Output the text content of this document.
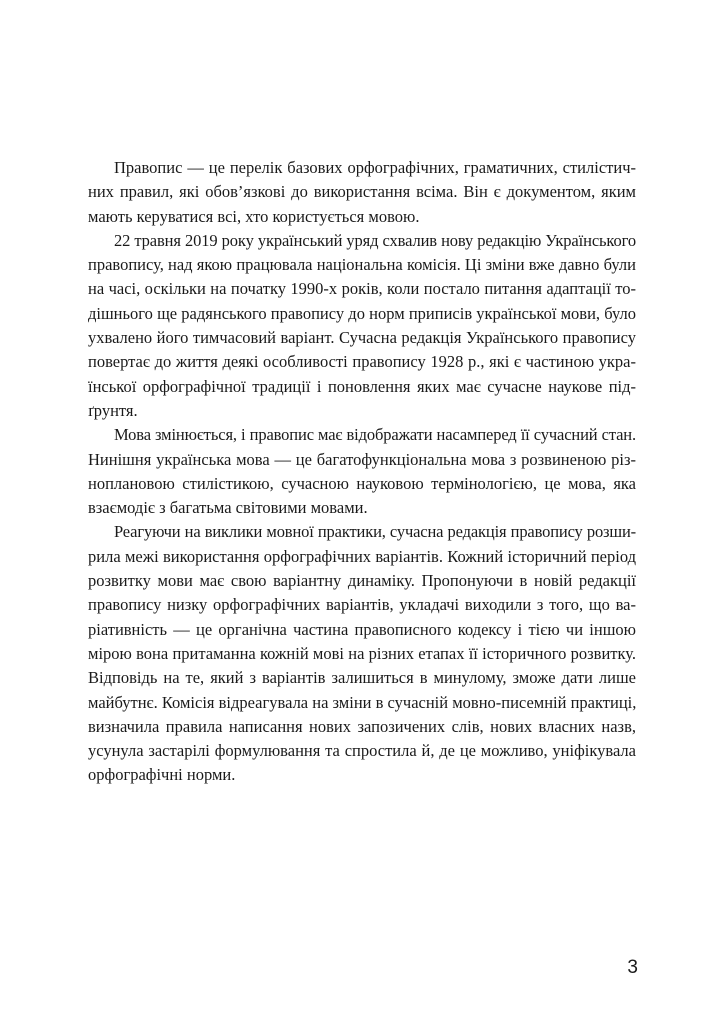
Правопис — це перелік базових орфографічних, граматичних, стилістич-
них правил, які обов’язкові до використання всіма. Він є документом, яким
мають керуватися всі, хто користується мовою.

22 травня 2019 року український уряд схвалив нову редакцію Українського
правопису, над якою працювала національна комісія. Ці зміни вже давно були
на часі, оскільки на початку 1990-х років, коли постало питання адаптації то-
дішнього ще радянського правопису до норм приписів української мови, було
ухвалено його тимчасовий варіант. Сучасна редакція Українського правопису
повертає до життя деякі особливості правопису 1928 р., які є частиною укра-
їнської орфографічної традиції і поновлення яких має сучасне наукове під-
ґрунтя.

Мова змінюється, і правопис має відображати насамперед її сучасний стан.
Нинішня українська мова — це багатофункціональна мова з розвиненою різ-
ноплановою стилістикою, сучасною науковою термінологією, це мова, яка
взаємодіє з багатьма світовими мовами.

Реагуючи на виклики мовної практики, сучасна редакція правопису розши-
рила межі використання орфографічних варіантів. Кожний історичний період
розвитку мови має свою варіантну динаміку. Пропонуючи в новій редакції
правопису низку орфографічних варіантів, укладачі виходили з того, що ва-
ріативність — це органічна частина правописного кодексу і тією чи іншою
мірою вона притаманна кожній мові на різних етапах її історичного розвитку.
Відповідь на те, який з варіантів залишиться в минулому, зможе дати лише
майбутнє. Комісія відреагувала на зміни в сучасній мовно-писемній практиці,
визначила правила написання нових запозичених слів, нових власних назв,
усунула застарілі формулювання та спростила й, де це можливо, уніфікувала
орфографічні норми.

3
